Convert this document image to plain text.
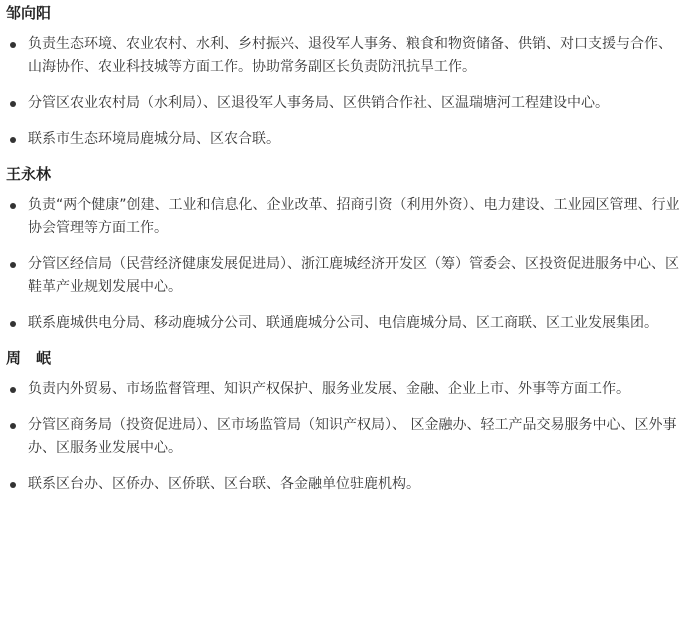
邹向阳
负责生态环境、农业农村、水利、乡村振兴、退役军人事务、粮食和物资储备、供销、对口支援与合作、山海协作、农业科技城等方面工作。协助常务副区长负责防汛抗旱工作。
分管区农业农村局（水利局）、区退役军人事务局、区供销合作社、区温瑞塘河工程建设中心。
联系市生态环境局鹿城分局、区农合联。
王永林
负责“两个健康”创建、工业和信息化、企业改革、招商引资（利用外资）、电力建设、工业园区管理、行业协会管理等方面工作。
分管区经信局（民营经济健康发展促进局）、浙江鹿城经济开发区（筹）管委会、区投资促进服务中心、区鞋革产业规划发展中心。
联系鹿城供电分局、移动鹿城分公司、联通鹿城分公司、电信鹿城分局、区工商联、区工业发展集团。
周　岷
负责内外贸易、市场监督管理、知识产权保护、服务业发展、金融、企业上市、外事等方面工作。
分管区商务局（投资促进局）、区市场监管局（知识产权局）、 区金融办、轻工产品交易服务中心、区外事办、区服务业发展中心。
联系区台办、区侨办、区侨联、区台联、各金融单位驻鹿机构。
